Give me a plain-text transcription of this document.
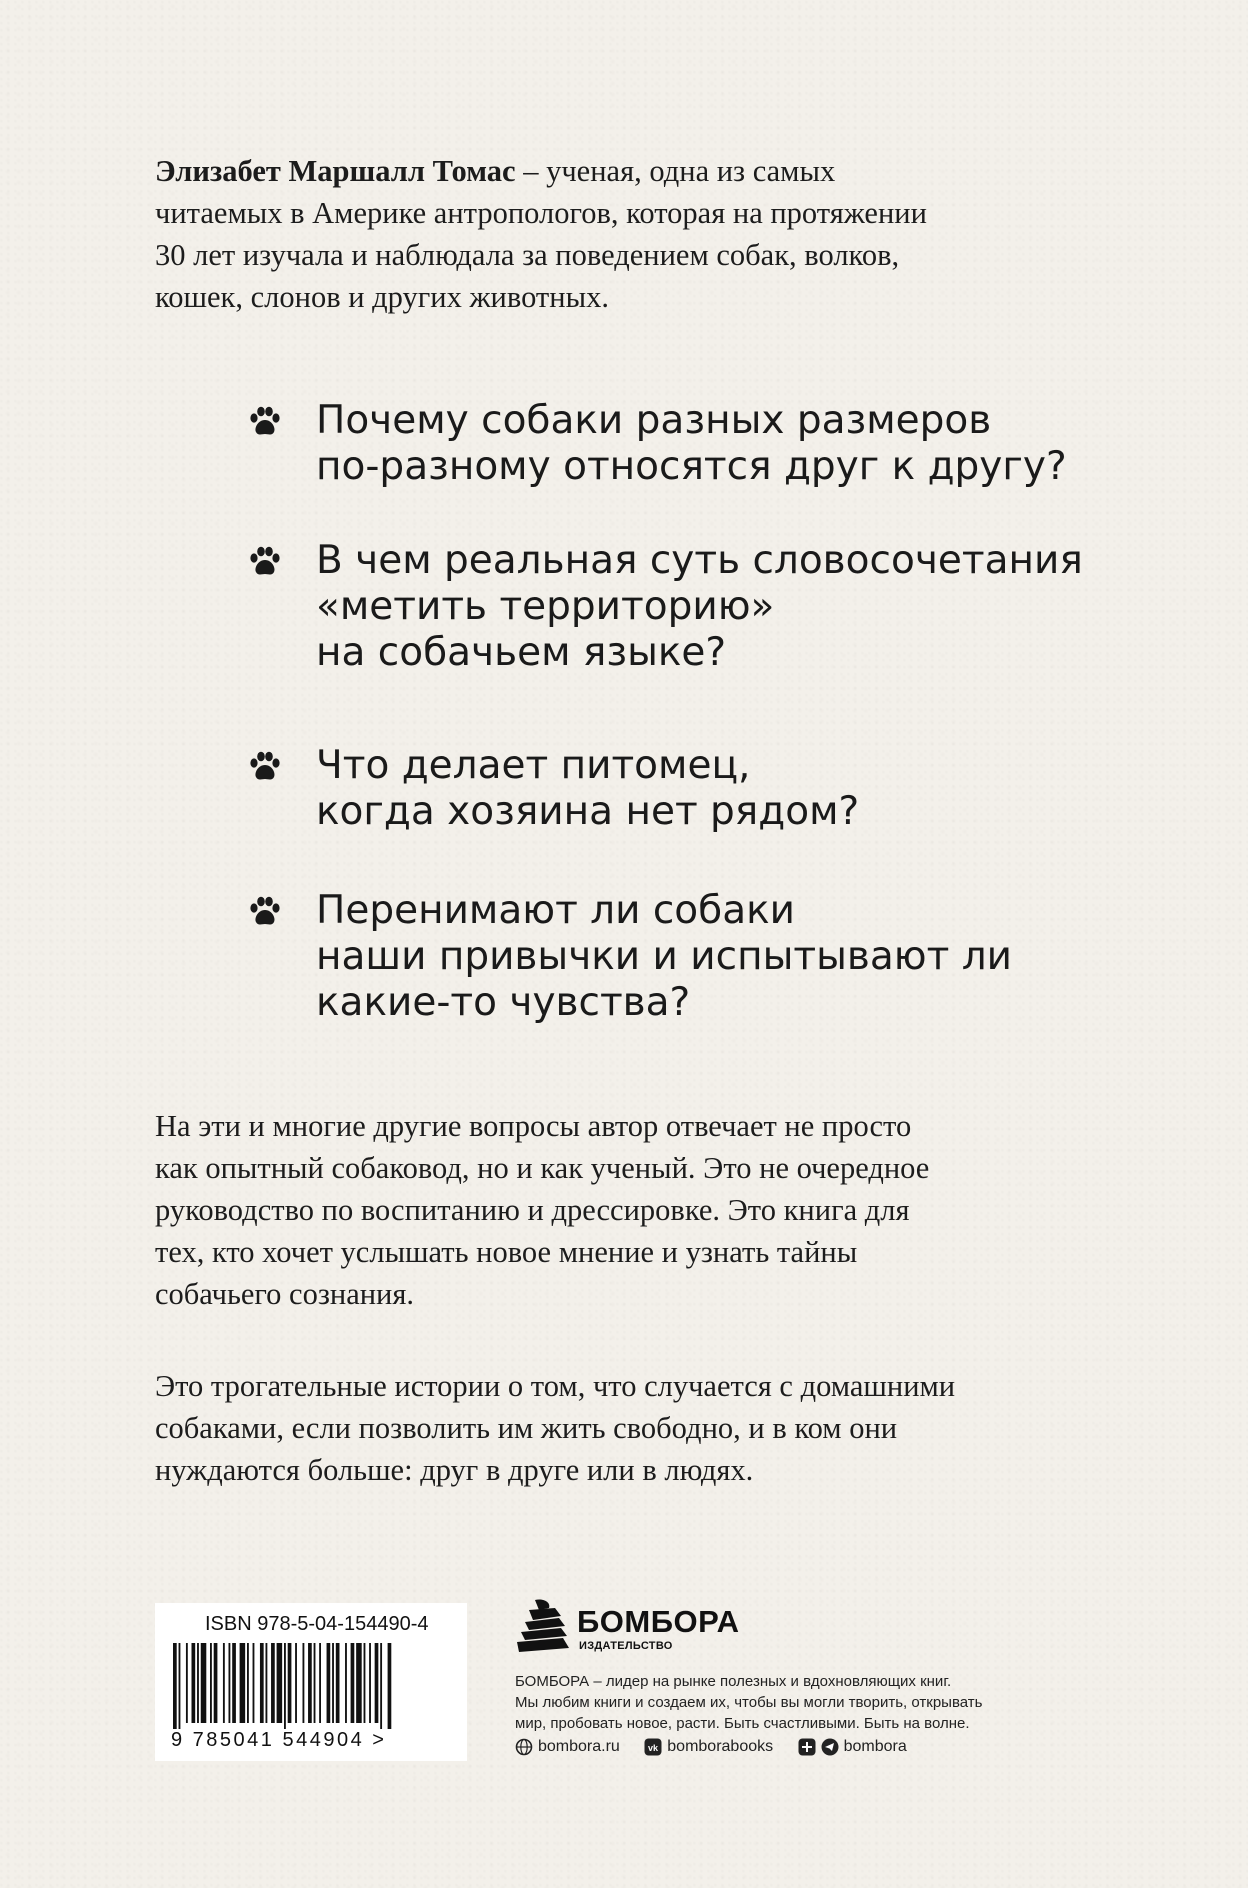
Элизабет Маршалл Томас – ученая, одна из самых
читаемых в Америке антропологов, которая на протяжении
30 лет изучала и наблюдала за поведением собак, волков,
кошек, слонов и других животных.

Почему собаки разных размеров
по-разному относятся друг к другу?
В чем реальная суть словосочетания
«метить территорию»
на собачьем языке?
Что делает питомец,
когда хозяина нет рядом?
Перенимают ли собаки
наши привычки и испытывают ли
какие-то чувства?

На эти и многие другие вопросы автор отвечает не просто
как опытный собаковод, но и как ученый. Это не очередное
руководство по воспитанию и дрессировке. Это книга для
тех, кто хочет услышать новое мнение и узнать тайны
собачьего сознания.

Это трогательные истории о том, что случается с домашними
собаками, если позволить им жить свободно, и в ком они
нуждаются больше: друг в друге или в людях.

ISBN 978-5-04-154490-4
9 785041 544904 >
БОМБОРА
ИЗДАТЕЛЬСТВО
БОМБОРА – лидер на рынке полезных и вдохновляющих книг.
Мы любим книги и создаем их, чтобы вы могли творить, открывать
мир, пробовать новое, расти. Быть счастливыми. Быть на волне.
bombora.ru
	vk bomborabooks
	bombora
